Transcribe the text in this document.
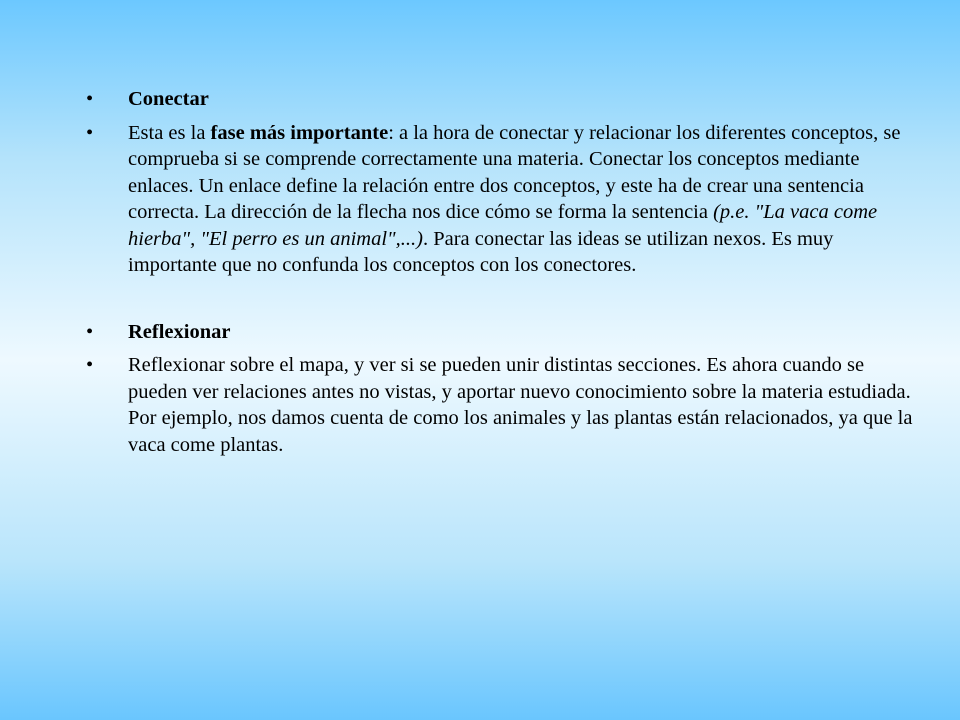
• Conectar
• Esta es la fase más importante: a la hora de conectar y relacionar los diferentes conceptos, se comprueba si se comprende correctamente una materia. Conectar los conceptos mediante enlaces. Un enlace define la relación entre dos conceptos, y este ha de crear una sentencia correcta. La dirección de la flecha nos dice cómo se forma la sentencia (p.e. "La vaca come hierba", "El perro es un animal",...). Para conectar las ideas se utilizan nexos. Es muy importante que no confunda los conceptos con los conectores.
• Reflexionar
• Reflexionar sobre el mapa, y ver si se pueden unir distintas secciones. Es ahora cuando se pueden ver relaciones antes no vistas, y aportar nuevo conocimiento sobre la materia estudiada. Por ejemplo, nos damos cuenta de como los animales y las plantas están relacionados, ya que la vaca come plantas.
